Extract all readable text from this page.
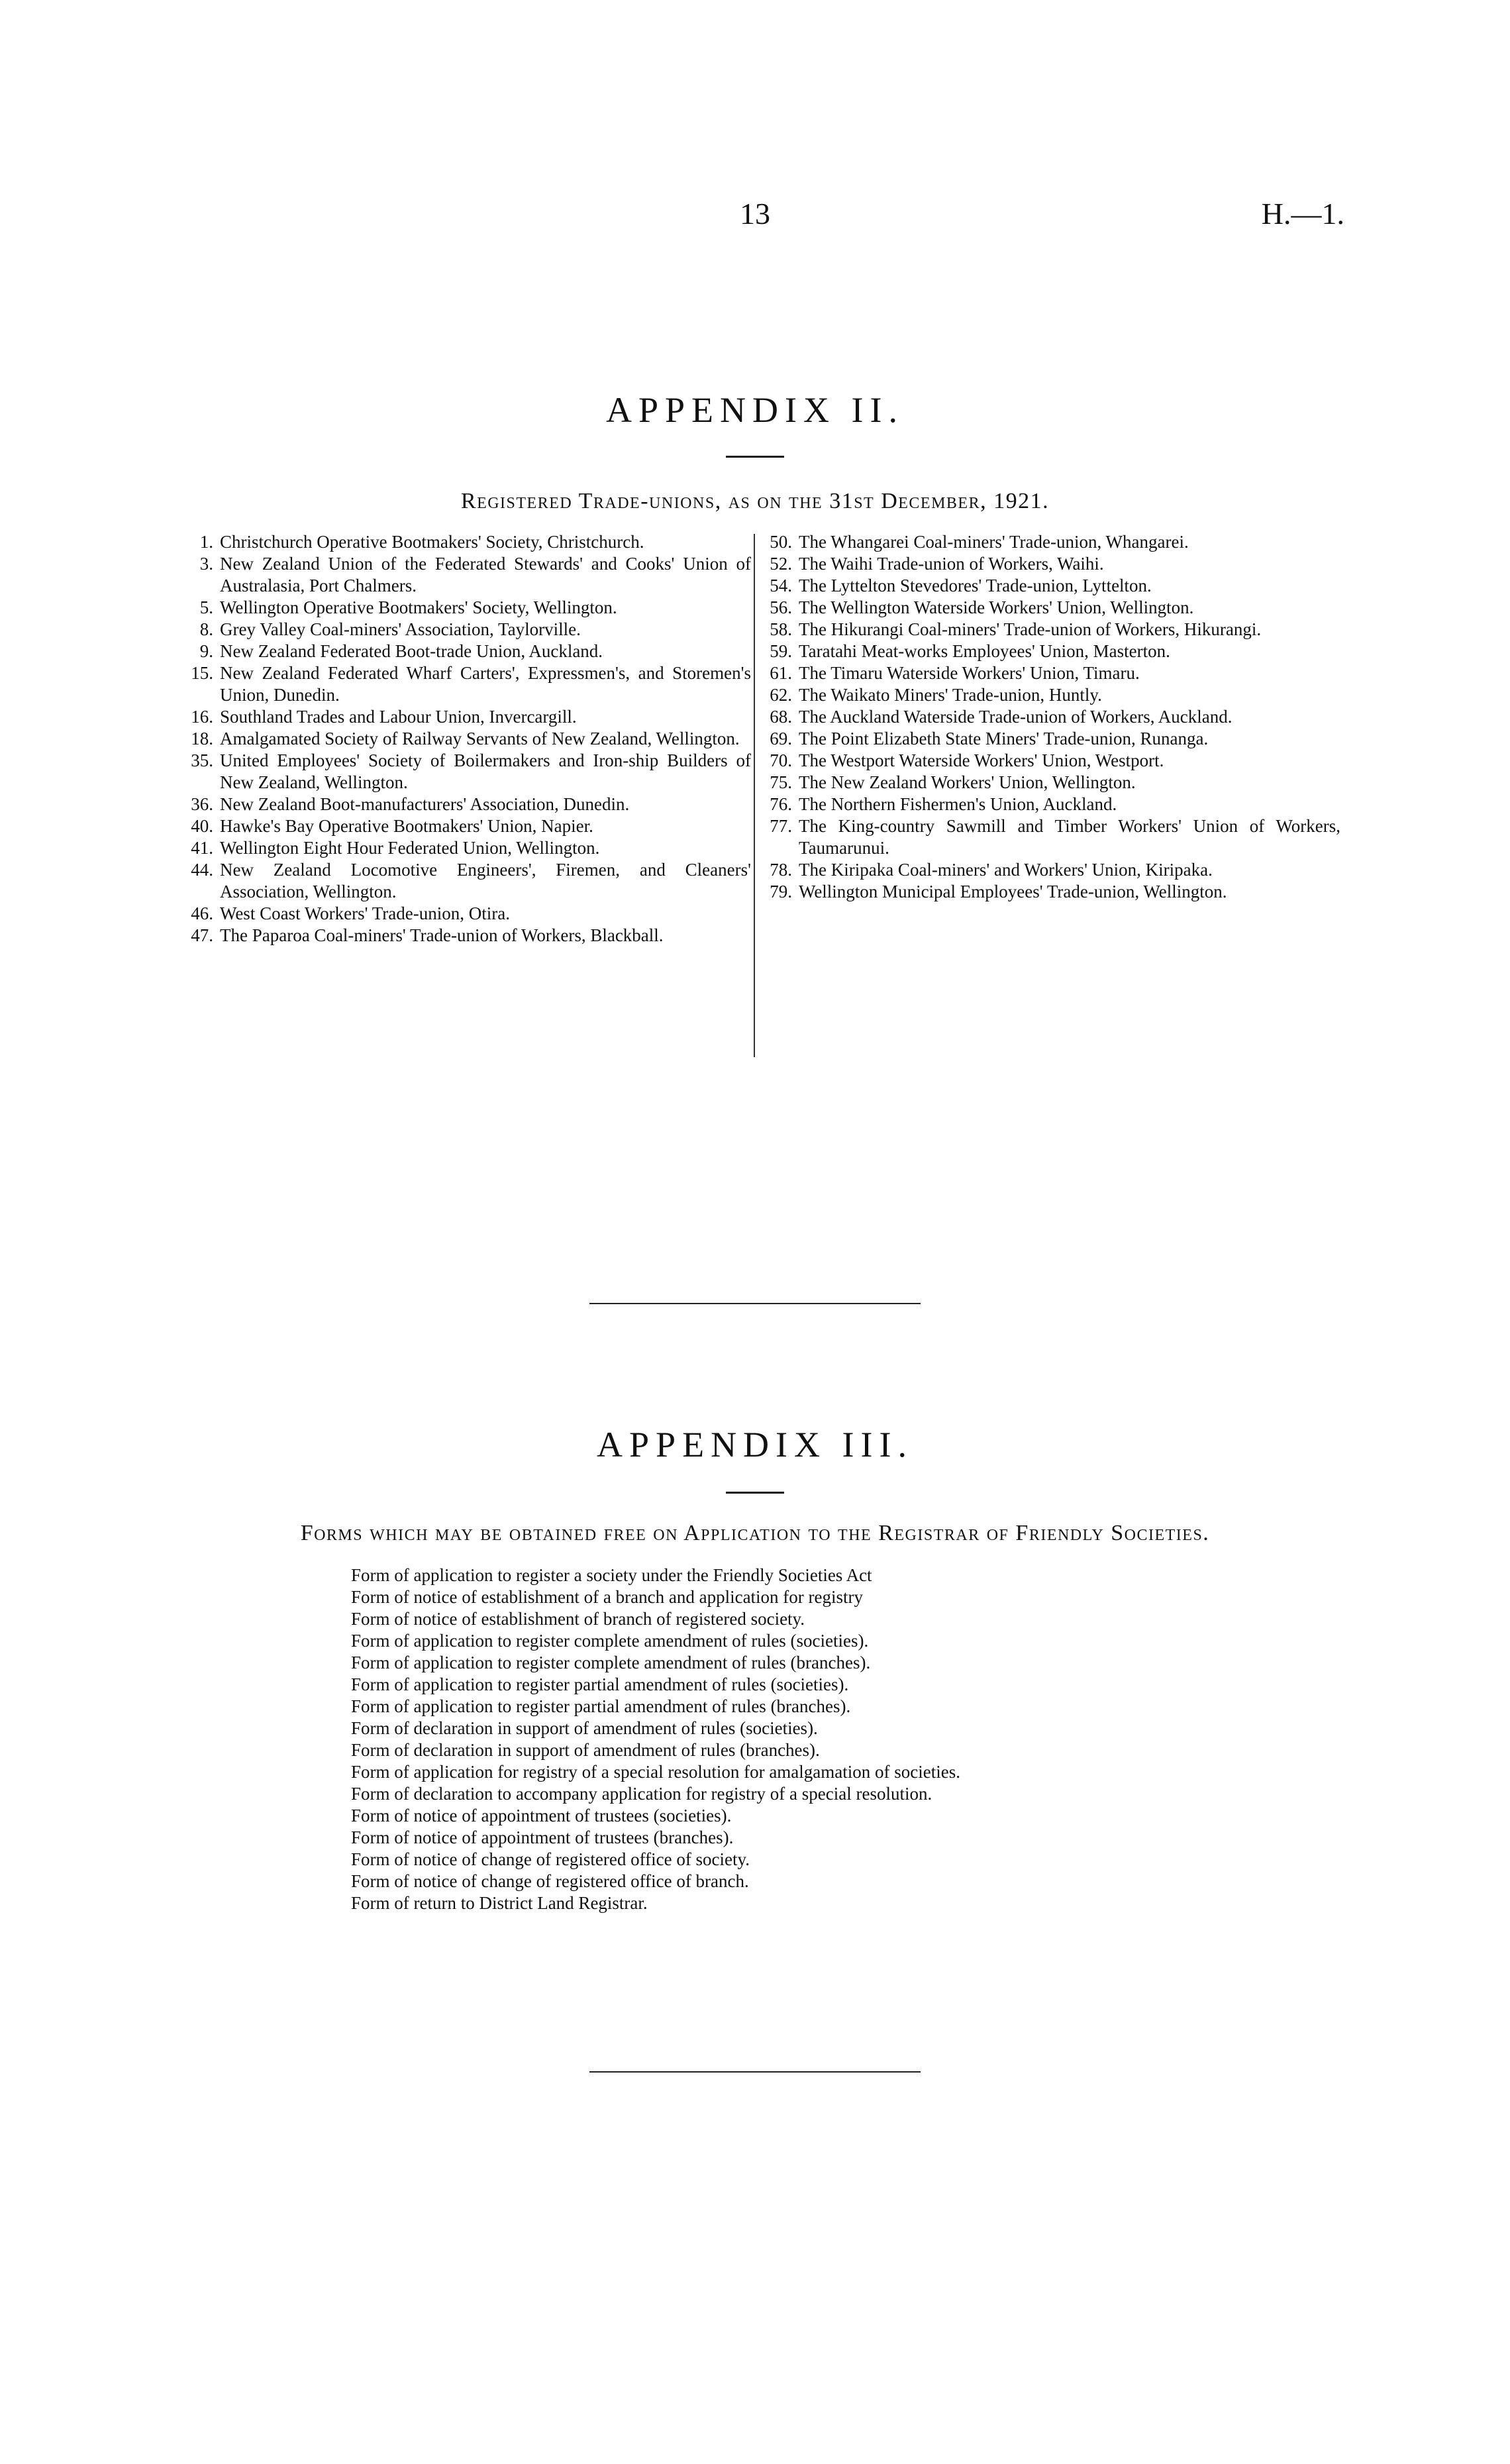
13	H.—1.
APPENDIX II.
Registered Trade-unions, as on the 31st December, 1921.
1. Christchurch Operative Bootmakers' Society, Christchurch.
3. New Zealand Union of the Federated Stewards' and Cooks' Union of Australasia, Port Chalmers.
5. Wellington Operative Bootmakers' Society, Wellington.
8. Grey Valley Coal-miners' Association, Taylorville.
9. New Zealand Federated Boot-trade Union, Auckland.
15. New Zealand Federated Wharf Carters', Expressmen's, and Storemen's Union, Dunedin.
16. Southland Trades and Labour Union, Invercargill.
18. Amalgamated Society of Railway Servants of New Zealand, Wellington.
35. United Employees' Society of Boilermakers and Iron-ship Builders of New Zealand, Wellington.
36. New Zealand Boot-manufacturers' Association, Dunedin.
40. Hawke's Bay Operative Bootmakers' Union, Napier.
41. Wellington Eight Hour Federated Union, Wellington.
44. New Zealand Locomotive Engineers', Firemen, and Cleaners' Association, Wellington.
46. West Coast Workers' Trade-union, Otira.
47. The Paparoa Coal-miners' Trade-union of Workers, Blackball.
50. The Whangarei Coal-miners' Trade-union, Whangarei.
52. The Waihi Trade-union of Workers, Waihi.
54. The Lyttelton Stevedores' Trade-union, Lyttelton.
56. The Wellington Waterside Workers' Union, Wellington.
58. The Hikurangi Coal-miners' Trade-union of Workers, Hikurangi.
59. Taratahi Meat-works Employees' Union, Masterton.
61. The Timaru Waterside Workers' Union, Timaru.
62. The Waikato Miners' Trade-union, Huntly.
68. The Auckland Waterside Trade-union of Workers, Auckland.
69. The Point Elizabeth State Miners' Trade-union, Runanga.
70. The Westport Waterside Workers' Union, Westport.
75. The New Zealand Workers' Union, Wellington.
76. The Northern Fishermen's Union, Auckland.
77. The King-country Sawmill and Timber Workers' Union of Workers, Taumarunui.
78. The Kiripaka Coal-miners' and Workers' Union, Kiripaka.
79. Wellington Municipal Employees' Trade-union, Wellington.
APPENDIX III.
Forms which may be obtained free on Application to the Registrar of Friendly Societies.
Form of application to register a society under the Friendly Societies Act
Form of notice of establishment of a branch and application for registry
Form of notice of establishment of branch of registered society.
Form of application to register complete amendment of rules (societies).
Form of application to register complete amendment of rules (branches).
Form of application to register partial amendment of rules (societies).
Form of application to register partial amendment of rules (branches).
Form of declaration in support of amendment of rules (societies).
Form of declaration in support of amendment of rules (branches).
Form of application for registry of a special resolution for amalgamation of societies.
Form of declaration to accompany application for registry of a special resolution.
Form of notice of appointment of trustees (societies).
Form of notice of appointment of trustees (branches).
Form of notice of change of registered office of society.
Form of notice of change of registered office of branch.
Form of return to District Land Registrar.
